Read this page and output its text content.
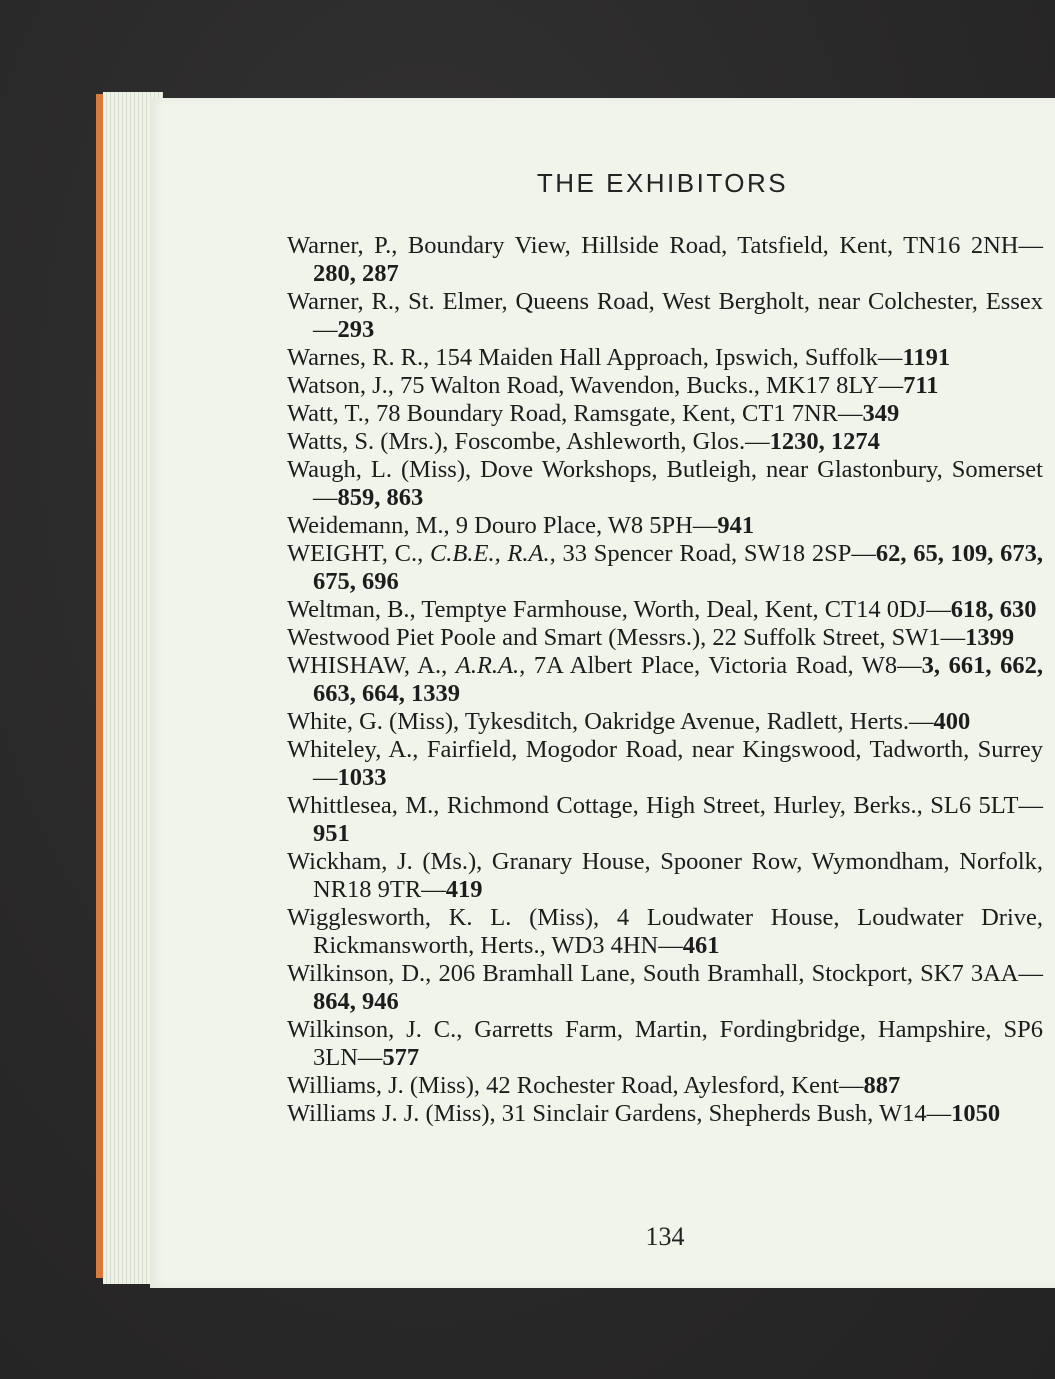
THE EXHIBITORS
Warner, P., Boundary View, Hillside Road, Tatsfield, Kent, TN16 2NH—280, 287
Warner, R., St. Elmer, Queens Road, West Bergholt, near Colchester, Essex—293
Warnes, R. R., 154 Maiden Hall Approach, Ipswich, Suffolk—1191
Watson, J., 75 Walton Road, Wavendon, Bucks., MK17 8LY—711
Watt, T., 78 Boundary Road, Ramsgate, Kent, CT1 7NR—349
Watts, S. (Mrs.), Foscombe, Ashleworth, Glos.—1230, 1274
Waugh, L. (Miss), Dove Workshops, Butleigh, near Glastonbury, Somerset—859, 863
Weidemann, M., 9 Douro Place, W8 5PH—941
WEIGHT, C., C.B.E., R.A., 33 Spencer Road, SW18 2SP—62, 65, 109, 673, 675, 696
Weltman, B., Temptye Farmhouse, Worth, Deal, Kent, CT14 0DJ—618, 630
Westwood Piet Poole and Smart (Messrs.), 22 Suffolk Street, SW1—1399
WHISHAW, A., A.R.A., 7A Albert Place, Victoria Road, W8—3, 661, 662, 663, 664, 1339
White, G. (Miss), Tykesditch, Oakridge Avenue, Radlett, Herts.—400
Whiteley, A., Fairfield, Mogodor Road, near Kingswood, Tadworth, Surrey—1033
Whittlesea, M., Richmond Cottage, High Street, Hurley, Berks., SL6 5LT—951
Wickham, J. (Ms.), Granary House, Spooner Row, Wymondham, Norfolk, NR18 9TR—419
Wigglesworth, K. L. (Miss), 4 Loudwater House, Loudwater Drive, Rickmansworth, Herts., WD3 4HN—461
Wilkinson, D., 206 Bramhall Lane, South Bramhall, Stockport, SK7 3AA—864, 946
Wilkinson, J. C., Garretts Farm, Martin, Fordingbridge, Hampshire, SP6 3LN—577
Williams, J. (Miss), 42 Rochester Road, Aylesford, Kent—887
Williams J. J. (Miss), 31 Sinclair Gardens, Shepherds Bush, W14—1050
134
